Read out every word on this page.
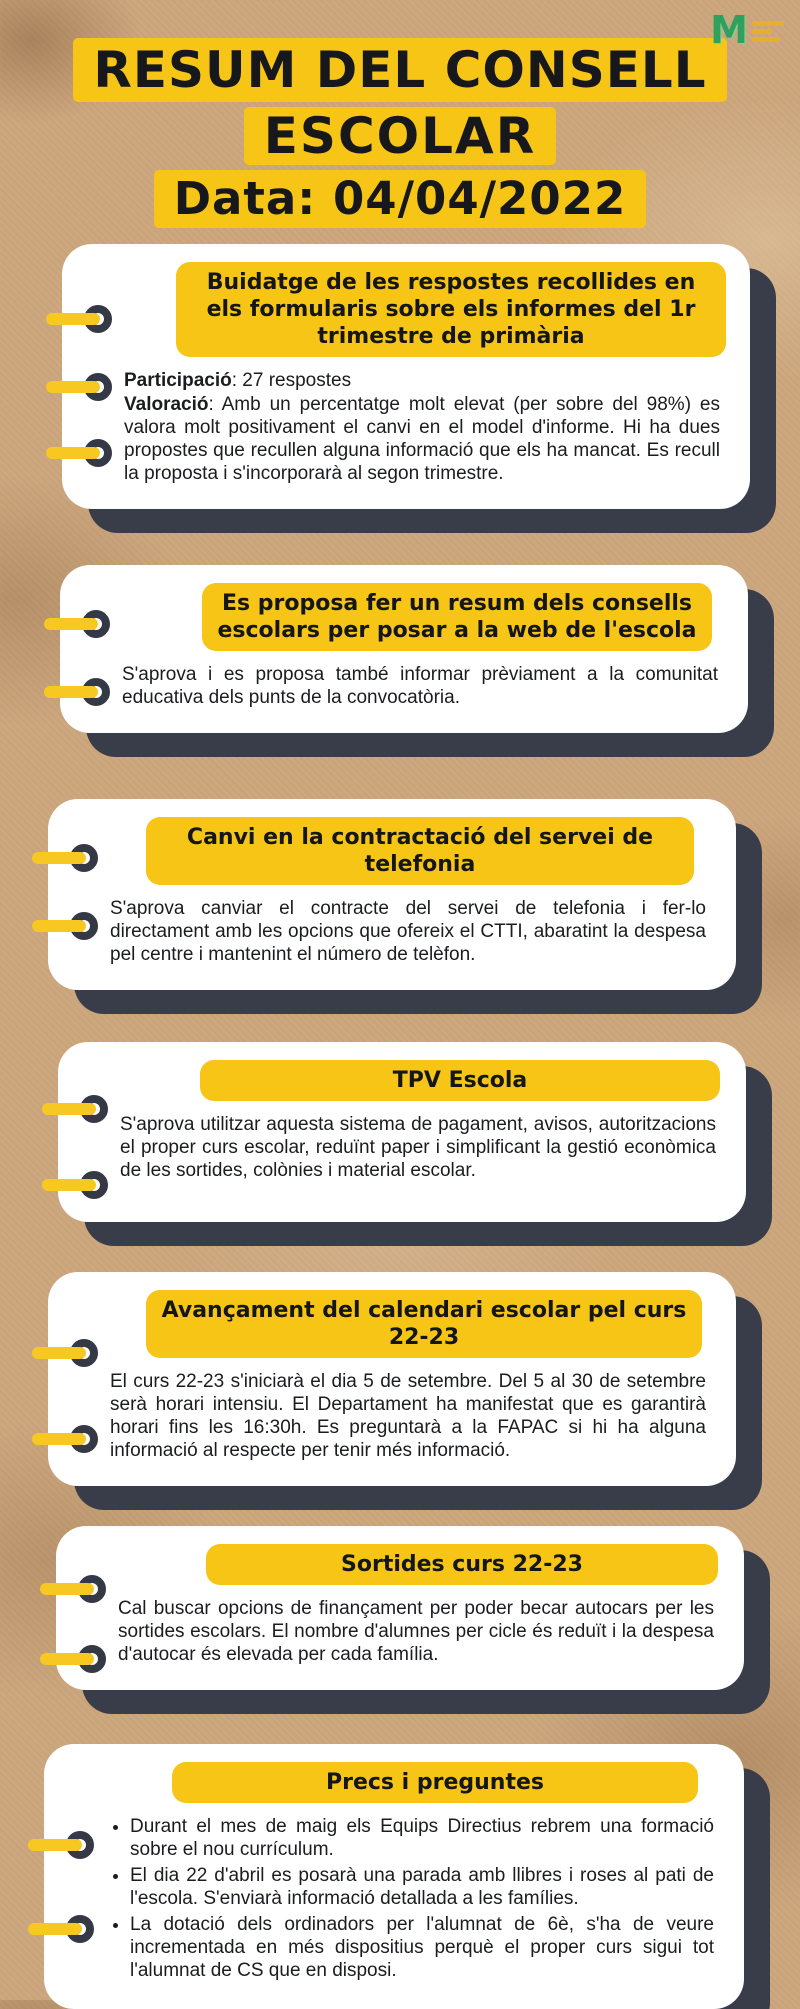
M
RESUM DEL CONSELL
ESCOLAR
Data: 04/04/2022
Buidatge de les respostes recollides en els formularis sobre els informes del 1r trimestre de primària

Participació: 27 respostes

Valoració: Amb un percentatge molt elevat (per sobre del 98%) es valora molt positivament el canvi en el model d'informe. Hi ha dues propostes que recullen alguna informació que els ha mancat. Es recull la proposta i s'incorporarà al segon trimestre.

Es proposa fer un resum dels consells escolars per posar a la web de l'escola

S'aprova i es proposa també informar prèviament a la comunitat educativa dels punts de la convocatòria.

Canvi en la contractació del servei de telefonia

S'aprova canviar el contracte del servei de telefonia i fer-lo directament amb les opcions que ofereix el CTTI, abaratint la despesa pel centre i mantenint el número de telèfon.

TPV Escola

S'aprova utilitzar aquesta sistema de pagament, avisos, autoritzacions el proper curs escolar, reduïnt paper i simplificant la gestió econòmica de les sortides, colònies i material escolar.

Avançament del calendari escolar pel curs 22-23

El curs 22-23 s'iniciarà el dia 5 de setembre. Del 5 al 30 de setembre serà horari intensiu. El Departament ha manifestat que es garantirà horari fins les 16:30h. Es preguntarà a la FAPAC si hi ha alguna informació al respecte per tenir més informació.

Sortides curs 22-23

Cal buscar opcions de finançament per poder becar autocars per les sortides escolars. El nombre d'alumnes per cicle és reduït i la despesa d'autocar és elevada per cada família.

Precs i preguntes
• Durant el mes de maig els Equips Directius rebrem una formació sobre el nou currículum.
• El dia 22 d'abril es posarà una parada amb llibres i roses al pati de l'escola. S'enviarà informació detallada a les famílies.
• La dotació dels ordinadors per l'alumnat de 6è, s'ha de veure incrementada en més dispositius perquè el proper curs sigui tot l'alumnat de CS que en disposi.
